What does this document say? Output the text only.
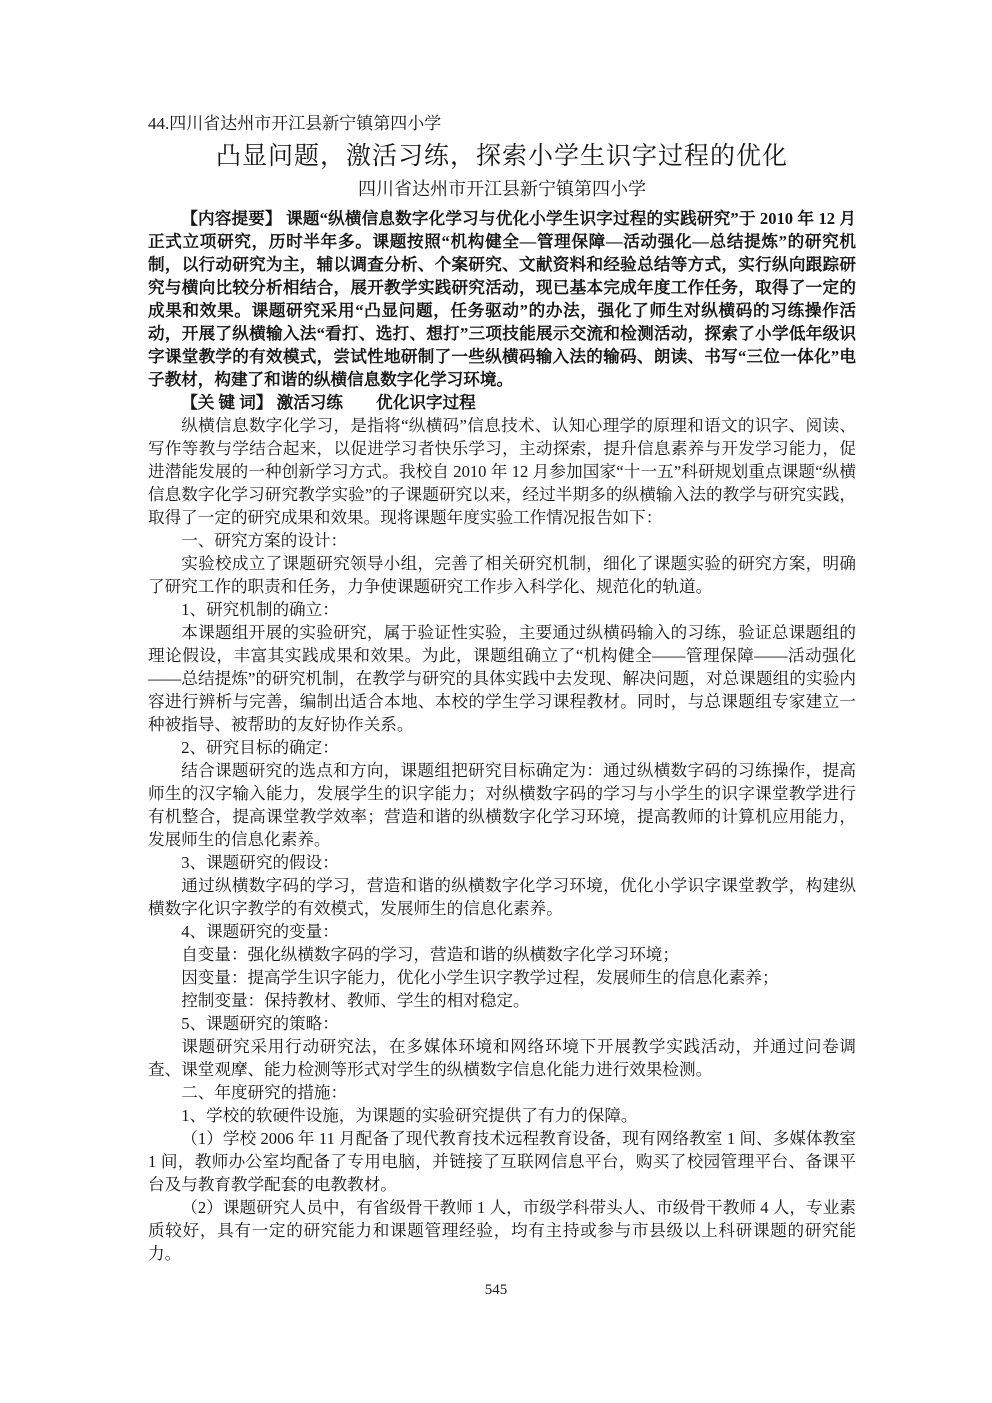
44.四川省达州市开江县新宁镇第四小学

凸显问题，激活习练，探索小学生识字过程的优化
四川省达州市开江县新宁镇第四小学

【内容提要】 课题“纵横信息数字化学习与优化小学生识字过程的实践研究”于 2010 年 12 月正式立项研究，历时半年多。课题按照“机构健全—管理保障—活动强化—总结提炼”的研究机制，以行动研究为主，辅以调查分析、个案研究、文献资料和经验总结等方式，实行纵向跟踪研究与横向比较分析相结合，展开教学实践研究活动，现已基本完成年度工作任务，取得了一定的成果和效果。课题研究采用“凸显问题，任务驱动”的办法，强化了师生对纵横码的习练操作活动，开展了纵横输入法“看打、选打、想打”三项技能展示交流和检测活动，探索了小学低年级识字课堂教学的有效模式，尝试性地研制了一些纵横码输入法的输码、朗读、书写“三位一体化”电子教材，构建了和谐的纵横信息数字化学习环境。

【关 键 词】 激活习练　　优化识字过程

纵横信息数字化学习，是指将“纵横码”信息技术、认知心理学的原理和语文的识字、阅读、写作等教与学结合起来，以促进学习者快乐学习，主动探索，提升信息素养与开发学习能力，促进潜能发展的一种创新学习方式。我校自 2010 年 12 月参加国家“十一五”科研规划重点课题“纵横信息数字化学习研究教学实验”的子课题研究以来，经过半期多的纵横输入法的教学与研究实践，取得了一定的研究成果和效果。现将课题年度实验工作情况报告如下：

一、研究方案的设计：

实验校成立了课题研究领导小组，完善了相关研究机制，细化了课题实验的研究方案，明确了研究工作的职责和任务，力争使课题研究工作步入科学化、规范化的轨道。

1、研究机制的确立：

本课题组开展的实验研究，属于验证性实验，主要通过纵横码输入的习练，验证总课题组的理论假设，丰富其实践成果和效果。为此，课题组确立了“机构健全——管理保障——活动强化——总结提炼”的研究机制，在教学与研究的具体实践中去发现、解决问题，对总课题组的实验内容进行辨析与完善，编制出适合本地、本校的学生学习课程教材。同时，与总课题组专家建立一种被指导、被帮助的友好协作关系。

2、研究目标的确定：

结合课题研究的选点和方向，课题组把研究目标确定为：通过纵横数字码的习练操作，提高师生的汉字输入能力，发展学生的识字能力；对纵横数字码的学习与小学生的识字课堂教学进行有机整合，提高课堂教学效率；营造和谐的纵横数字化学习环境，提高教师的计算机应用能力，发展师生的信息化素养。

3、课题研究的假设：

通过纵横数字码的学习，营造和谐的纵横数字化学习环境，优化小学识字课堂教学，构建纵横数字化识字教学的有效模式，发展师生的信息化素养。

4、课题研究的变量：

自变量：强化纵横数字码的学习，营造和谐的纵横数字化学习环境；

因变量：提高学生识字能力，优化小学生识字教学过程，发展师生的信息化素养；

控制变量：保持教材、教师、学生的相对稳定。

5、课题研究的策略：

课题研究采用行动研究法，在多媒体环境和网络环境下开展教学实践活动，并通过问卷调查、课堂观摩、能力检测等形式对学生的纵横数字信息化能力进行效果检测。

二、年度研究的措施：

1、学校的软硬件设施，为课题的实验研究提供了有力的保障。

（1）学校 2006 年 11 月配备了现代教育技术远程教育设备，现有网络教室 1 间、多媒体教室 1 间，教师办公室均配备了专用电脑，并链接了互联网信息平台，购买了校园管理平台、备课平台及与教育教学配套的电教教材。

（2）课题研究人员中，有省级骨干教师 1 人，市级学科带头人、市级骨干教师 4 人，专业素质较好，具有一定的研究能力和课题管理经验，均有主持或参与市县级以上科研课题的研究能力。

545
